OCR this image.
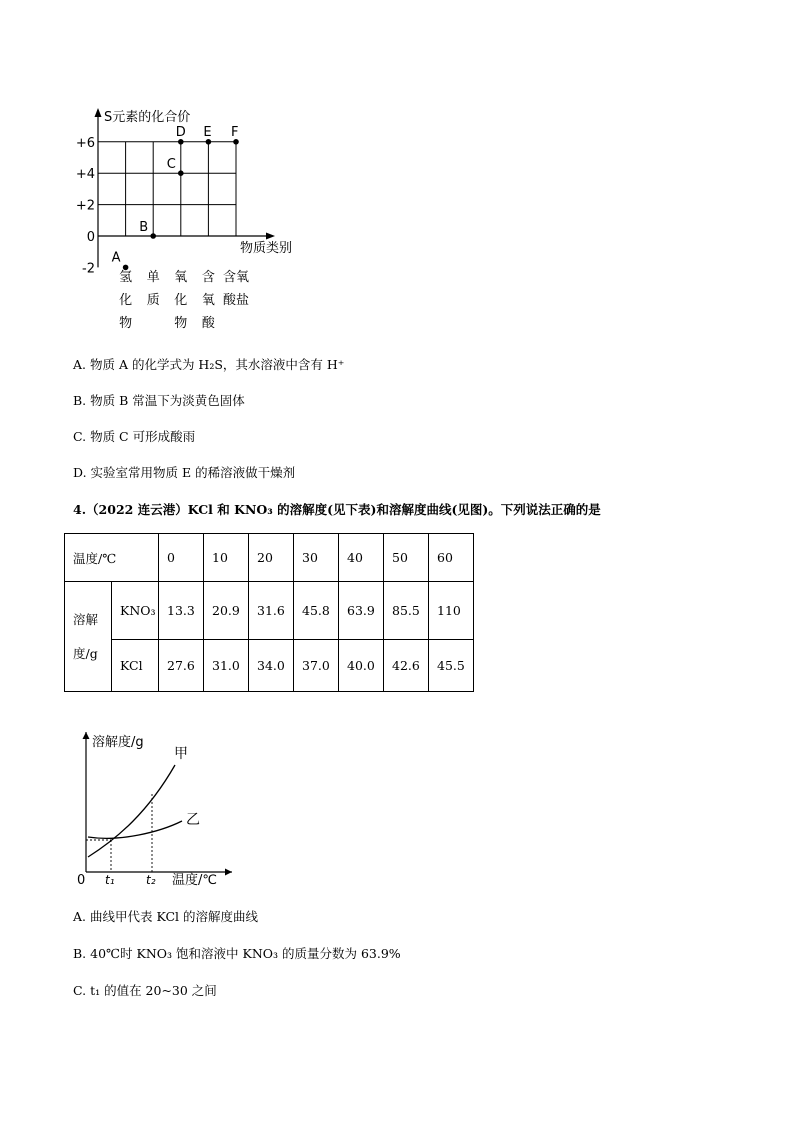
S元素的化合价
物质类别
+6
+4
+2
0
-2
氢
化
物
单
质
氧
化
物
含
氧
酸
含氧
酸盐
A
B
C
D E F
A. 物质 A 的化学式为 H₂S，其水溶液中含有 H⁺
B. 物质 B 常温下为淡黄色固体
C. 物质 C 可形成酸雨
D. 实验室常用物质 E 的稀溶液做干燥剂
4.（2022 连云港）KCl 和 KNO₃ 的溶解度(见下表)和溶解度曲线(见图)。下列说法正确的是
温度/℃		0	10	20	30	40	50	60

溶解
度/g	KNO₃	13.3	20.9	31.6	45.8	63.9	85.5	110
	KCl	27.6	31.0	34.0	37.0	40.0	42.6	45.5
溶解度/g
温度/℃
0
甲
乙
t₁	t₂
A. 曲线甲代表 KCl 的溶解度曲线
B. 40℃时 KNO₃ 饱和溶液中 KNO₃ 的质量分数为 63.9%
C. t₁ 的值在 20~30 之间
